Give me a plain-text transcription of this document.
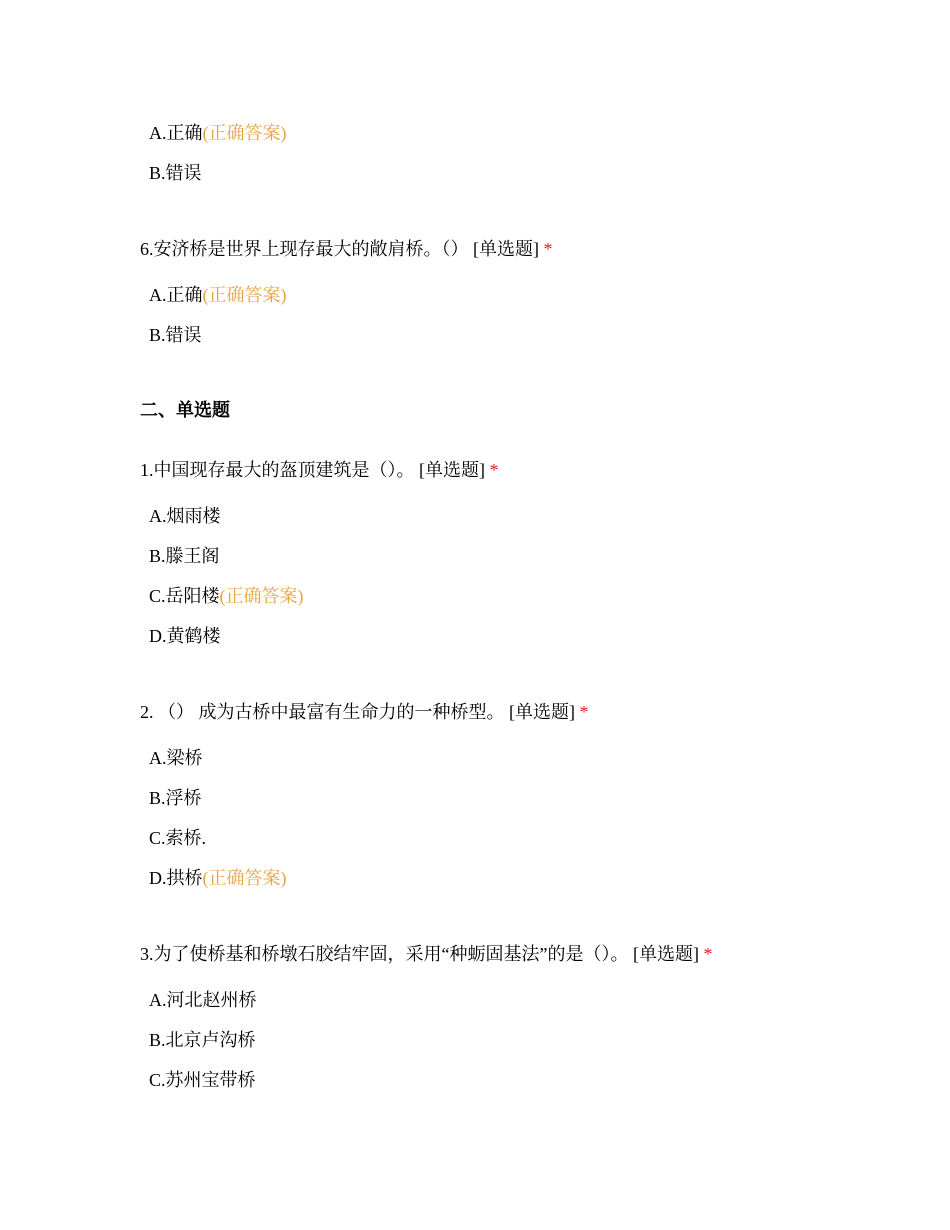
A.正确(正确答案)
B.错误
6.安济桥是世界上现存最大的敞肩桥。（） [单选题] *
A.正确(正确答案)
B.错误
二、单选题
1.中国现存最大的盔顶建筑是（）。 [单选题] *
A.烟雨楼
B.滕王阁
C.岳阳楼(正确答案)
D.黄鹤楼
2. （） 成为古桥中最富有生命力的一种桥型。 [单选题] *
A.梁桥
B.浮桥
C.索桥.
D.拱桥(正确答案)
3.为了使桥基和桥墩石胶结牢固，采用“种蛎固基法”的是（）。 [单选题] *
A.河北赵州桥
B.北京卢沟桥
C.苏州宝带桥
